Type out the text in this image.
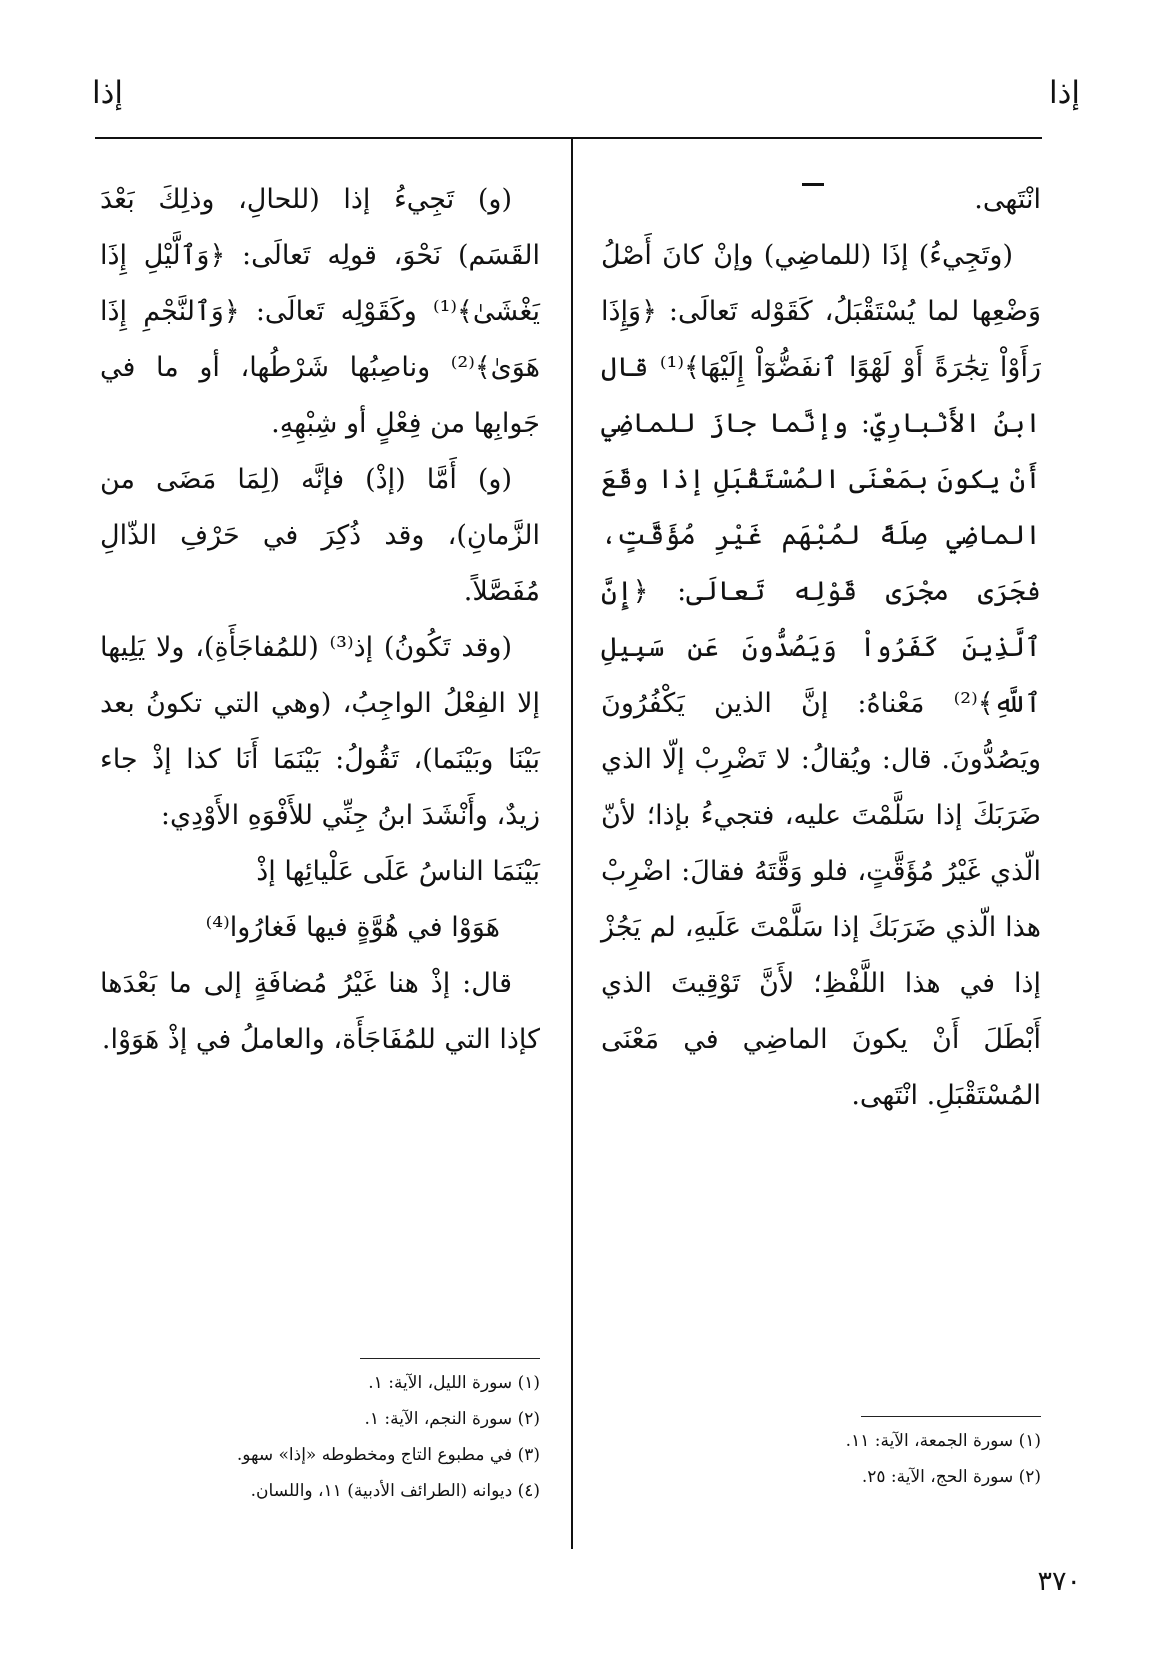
إذا
إذا

انْتَهى.

(وتَجِيءُ) إذَا (للماضِي) وإنْ كانَ أَصْلُ وَضْعِها لما يُسْتَقْبَلُ، كَقَوْله تَعالَى: ﴿وَإِذَا رَأَوْاْ تِجَٰرَةً أَوْ لَهْوًا ٱنفَضُّوٓاْ إِلَيْهَا﴾⁽¹⁾ قال ابنُ الأَنْبارِيِّ: وإنَّما جازَ للماضِي أَنْ يكونَ بمَعْنَى المُسْتَقْبَلِ إذا وقَعَ الماضِي صِلَةً لمُبْهَم غَيْرِ مُؤَقَّتٍ، فجَرَى مجْرَى قَوْلِه تَعالَى: ﴿إِنَّ ٱلَّذِينَ كَفَرُواْ وَيَصُدُّونَ عَن سَبِيلِ ٱللَّهِ﴾⁽²⁾ مَعْناهُ: إنَّ الذين يَكْفُرُونَ ويَصُدُّونَ. قال: ويُقالُ: لا تَضْرِبْ إلّا الذي ضَرَبَكَ إذا سَلَّمْتَ عليه، فتجيءُ بإذا؛ لأنّ الّذي غَيْرُ مُؤَقَّتٍ، فلو وَقَّتَهُ فقالَ: اضْرِبْ هذا الّذي ضَرَبَكَ إذا سَلَّمْتَ عَلَيهِ، لم يَجُزْ إذا في هذا اللَّفْظِ؛ لأَنَّ تَوْقِيتَ الذي أَبْطَلَ أَنْ يكونَ الماضِي في مَعْنَى المُسْتَقْبَلِ. انْتَهى.

(١) سورة الجمعة، الآية: ١١.

(٢) سورة الحج، الآية: ٢٥.

(و) تَجِيءُ إذا (للحالِ، وذلِكَ بَعْدَ القَسَم) نَحْوَ، قولِه تَعالَى: ﴿وَٱلَّيْلِ إِذَا يَغْشَىٰ﴾⁽¹⁾ وكَقَوْلِه تَعالَى: ﴿وَٱلنَّجْمِ إِذَا هَوَىٰ﴾⁽²⁾ وناصِبُها شَرْطُها، أو ما في جَوابِها من فِعْلٍ أو شِبْهِهِ.

(و) أَمَّا (إذْ) فإنَّه (لِمَا مَضَى من الزَّمانِ)، وقد ذُكِرَ في حَرْفِ الذّالِ مُفَصَّلاً.

(وقد تَكُونُ) إذ⁽³⁾ (للمُفاجَأَةِ)، ولا يَلِيها إلا الفِعْلُ الواجِبُ، (وهي التي تكونُ بعد بَيْنَا وبَيْنَما)، تَقُولُ: بَيْنَمَا أَنَا كذا إذْ جاء زيدٌ، وأَنْشَدَ ابنُ جِنِّي للأَفْوَهِ الأَوْدِي:

بَيْنَمَا الناسُ عَلَى عَلْيائِها إذْ

هَوَوْا في هُوَّةٍ فيها فَغارُوا⁽⁴⁾

قال: إذْ هنا غَيْرُ مُضافَةٍ إلى ما بَعْدَها كإذا التي للمُفَاجَأَة، والعاملُ في إذْ هَوَوْا.

(١) سورة الليل، الآية: ١.

(٢) سورة النجم، الآية: ١.

(٣) في مطبوع التاج ومخطوطه «إذا» سهو.

(٤) ديوانه (الطرائف الأدبية) ١١، واللسان.

٣٧٠
